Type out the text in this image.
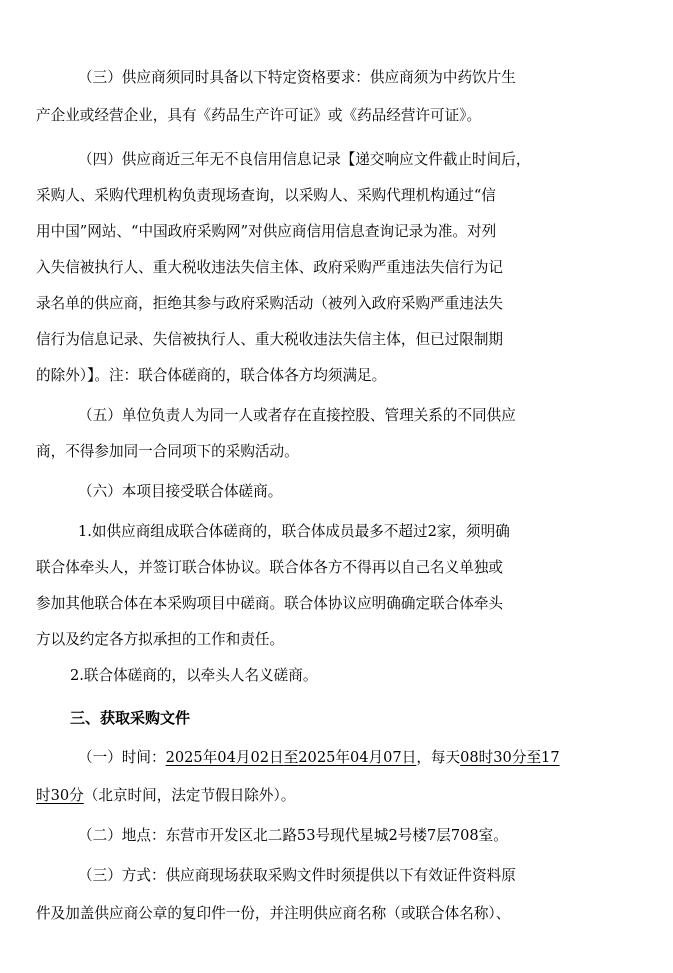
（三）供应商须同时具备以下特定资格要求：供应商须为中药饮片生
产企业或经营企业，具有《药品生产许可证》或《药品经营许可证》。
（四）供应商近三年无不良信用信息记录【递交响应文件截止时间后，
采购人、采购代理机构负责现场查询，以采购人、采购代理机构通过“信
用中国”网站、“中国政府采购网”对供应商信用信息查询记录为准。对列
入失信被执行人、重大税收违法失信主体、政府采购严重违法失信行为记
录名单的供应商，拒绝其参与政府采购活动（被列入政府采购严重违法失
信行为信息记录、失信被执行人、重大税收违法失信主体，但已过限制期
的除外）】。注：联合体磋商的，联合体各方均须满足。
（五）单位负责人为同一人或者存在直接控股、管理关系的不同供应
商，不得参加同一合同项下的采购活动。
（六）本项目接受联合体磋商。
1.如供应商组成联合体磋商的，联合体成员最多不超过2家，须明确
联合体牵头人，并签订联合体协议。联合体各方不得再以自己名义单独或
参加其他联合体在本采购项目中磋商。联合体协议应明确确定联合体牵头
方以及约定各方拟承担的工作和责任。
2.联合体磋商的，以牵头人名义磋商。
三、获取采购文件
（一）时间：2025年04月02日至2025年04月07日，每天08时30分至17
时30分（北京时间，法定节假日除外）。
（二）地点：东营市开发区北二路53号现代星城2号楼7层708室。
（三）方式：供应商现场获取采购文件时须提供以下有效证件资料原
件及加盖供应商公章的复印件一份，并注明供应商名称（或联合体名称）、
